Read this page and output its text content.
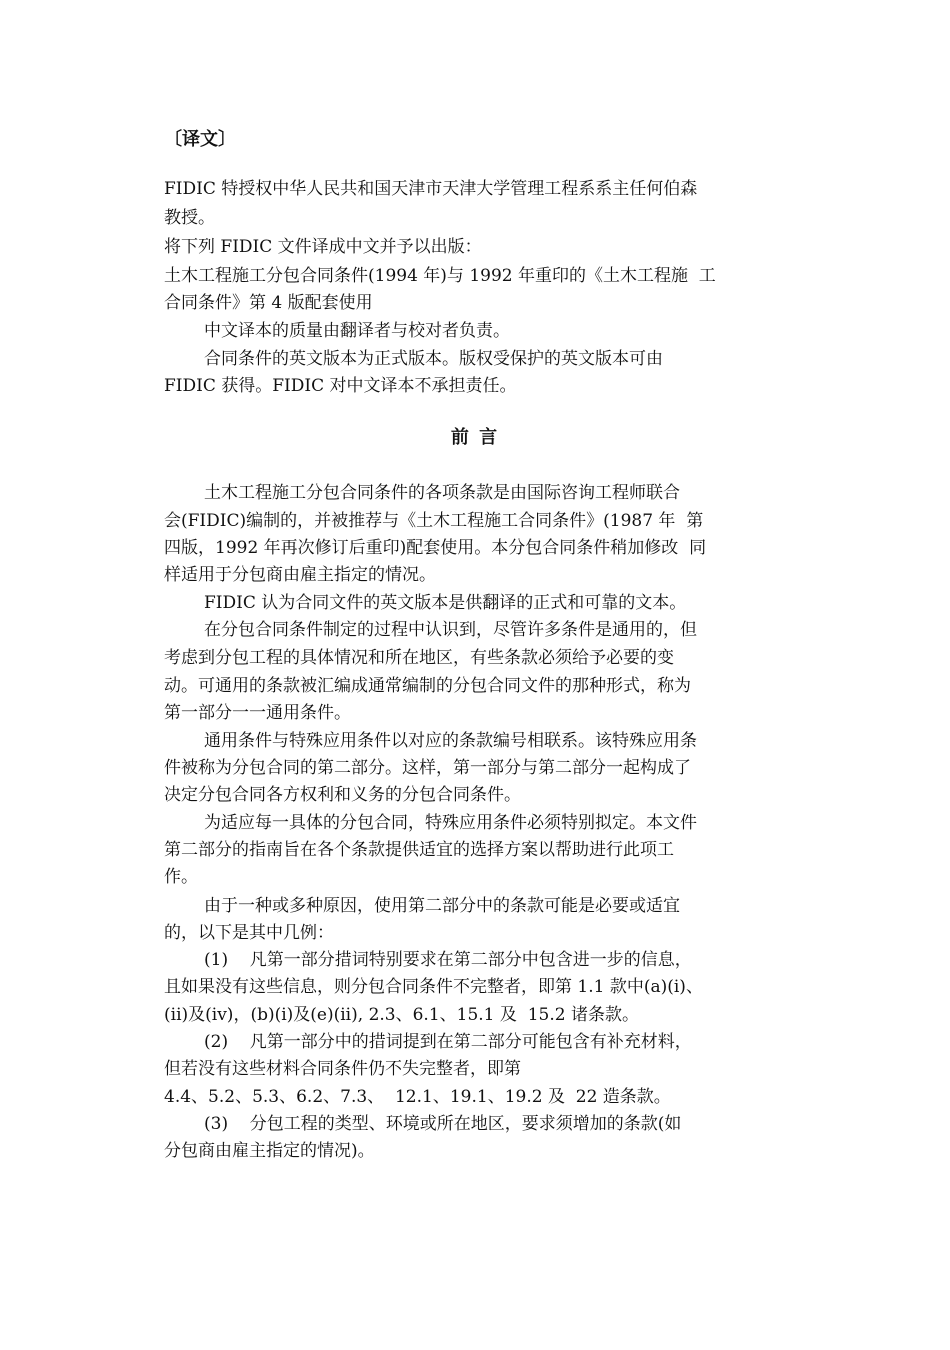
〔译文〕
FIDIC 特授权中华人民共和国天津市天津大学管理工程系系主任何伯森
教授。
将下列 FIDIC 文件译成中文并予以出版：
土木工程施工分包合同条件(1994 年)与 1992 年重印的《土木工程施  工
合同条件》第 4 版配套使用
中文译本的质量由翻译者与校对者负责。
合同条件的英文版本为正式版本。版权受保护的英文版本可由
FIDIC 获得。FIDIC 对中文译本不承担责任。
前 言
土木工程施工分包合同条件的各项条款是由国际咨询工程师联合
会(FIDIC)编制的，并被推荐与《土木工程施工合同条件》(1987 年  第
四版，1992 年再次修订后重印)配套使用。本分包合同条件稍加修改  同
样适用于分包商由雇主指定的情况。
FIDIC 认为合同文件的英文版本是供翻译的正式和可靠的文本。
在分包合同条件制定的过程中认识到，尽管许多条件是通用的，但
考虑到分包工程的具体情况和所在地区，有些条款必须给予必要的变
动。可通用的条款被汇编成通常编制的分包合同文件的那种形式，称为
第一部分一一通用条件。
通用条件与特殊应用条件以对应的条款编号相联系。该特殊应用条
件被称为分包合同的第二部分。这样，第一部分与第二部分一起构成了
决定分包合同各方权利和义务的分包合同条件。
为适应每一具体的分包合同，特殊应用条件必须特别拟定。本文件
第二部分的指南旨在各个条款提供适宜的选择方案以帮助进行此项工
作。
由于一种或多种原因，使用第二部分中的条款可能是必要或适宜
的，以下是其中几例：
(1)    凡第一部分措词特别要求在第二部分中包含进一步的信息，
且如果没有这些信息，则分包合同条件不完整者，即第 1.1 款中(a)(i)、
(ii)及(iv)，(b)(i)及(e)(ii), 2.3、6.1、15.1 及  15.2 诸条款。
(2)    凡第一部分中的措词提到在第二部分可能包含有补充材料，
但若没有这些材料合同条件仍不失完整者，即第
4.4、5.2、5.3、6.2、7.3、  12.1、19.1、19.2 及  22 造条款。
(3)    分包工程的类型、环境或所在地区，要求须增加的条款(如
分包商由雇主指定的情况)。
